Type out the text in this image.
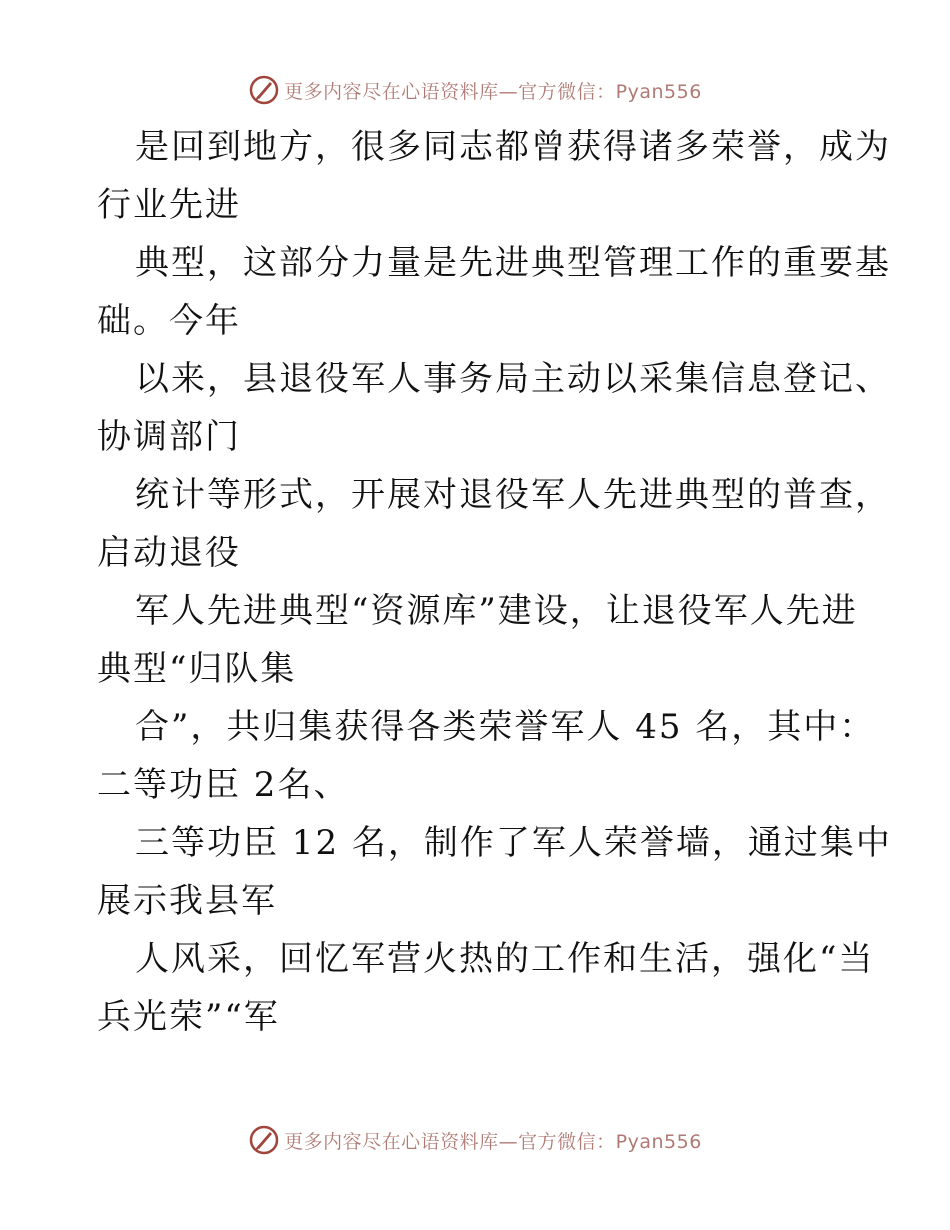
更多内容尽在心语资料库—官方微信：Pyan556

是回到地方，很多同志都曾获得诸多荣誉，成为
行业先进

典型，这部分力量是先进典型管理工作的重要基
础。今年

以来，县退役军人事务局主动以采集信息登记、
协调部门

统计等形式，开展对退役军人先进典型的普查，
启动退役

军人先进典型“资源库”建设，让退役军人先进
典型“归队集

合”，共归集获得各类荣誉军人 45 名，其中：
二等功臣 2名、

三等功臣 12 名，制作了军人荣誉墙，通过集中
展示我县军

人风采，回忆军营火热的工作和生活，强化“当
兵光荣”“军

更多内容尽在心语资料库—官方微信：Pyan556
